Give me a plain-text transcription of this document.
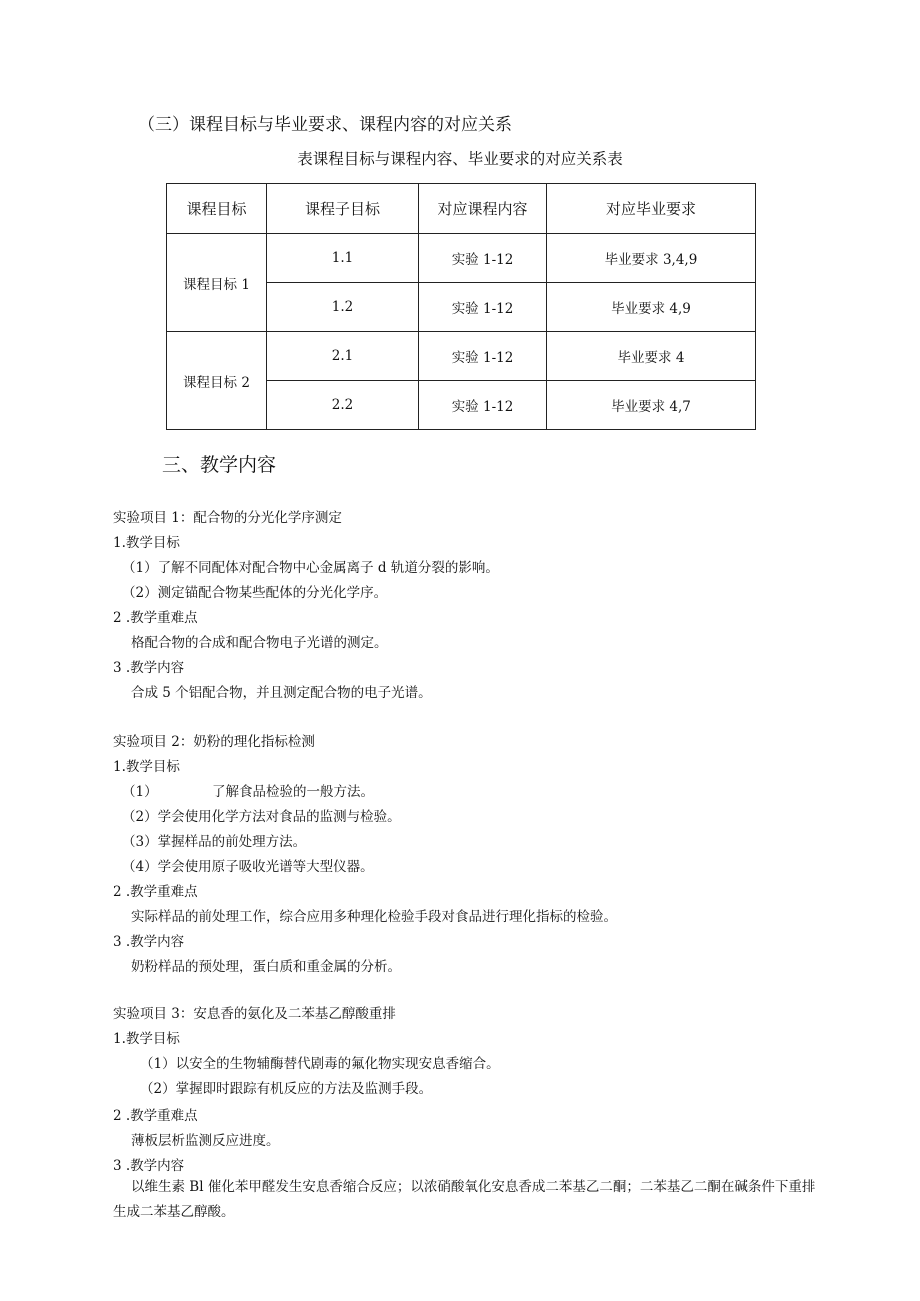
（三）课程目标与毕业要求、课程内容的对应关系
表课程目标与课程内容、毕业要求的对应关系表
课程目标	课程子目标	对应课程内容	对应毕业要求
课程目标 1	1.1	实验 1-12	毕业要求 3,4,9
	1.2	实验 1-12	毕业要求 4,9
课程目标 2	2.1	实验 1-12	毕业要求 4
	2.2	实验 1-12	毕业要求 4,7
三、教学内容
实验项目 1：配合物的分光化学序测定
1.教学目标
（1）了解不同配体对配合物中心金属离子 d 轨道分裂的影响。
（2）测定锚配合物某些配体的分光化学序。
2 .教学重难点
格配合物的合成和配合物电子光谱的测定。
3 .教学内容
合成 5 个铝配合物，并且测定配合物的电子光谱。
实验项目 2：奶粉的理化指标检测
1.教学目标
（1）	了解食品检验的一般方法。
（2）学会使用化学方法对食品的监测与检验。
（3）掌握样品的前处理方法。
（4）学会使用原子吸收光谱等大型仪器。
2 .教学重难点
实际样品的前处理工作，综合应用多种理化检验手段对食品进行理化指标的检验。
3 .教学内容
奶粉样品的预处理，蛋白质和重金属的分析。
实验项目 3：安息香的氨化及二苯基乙醇酸重排
1.教学目标
（1）以安全的生物辅酶替代剧毒的氟化物实现安息香缩合。
（2）掌握即时跟踪有机反应的方法及监测手段。
2 .教学重难点
薄板层析监测反应进度。
3 .教学内容
以维生素 Bl 催化苯甲醛发生安息香缩合反应；以浓硝酸氧化安息香成二苯基乙二酮；二苯基乙二酮在碱条件下重排生成二苯基乙醇酸。
